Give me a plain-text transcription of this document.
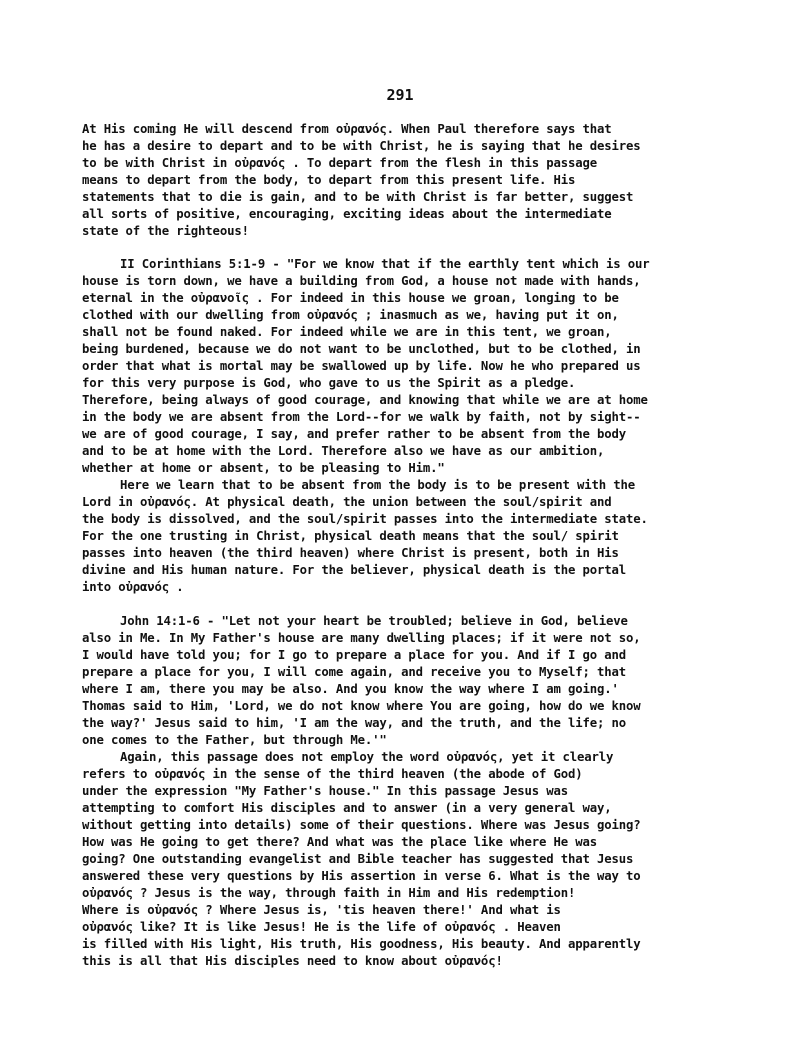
291
At His coming He will descend from οὐρανός. When Paul therefore says that
he has a desire to depart and to be with Christ, he is saying that he desires
to be with Christ in οὐρανός . To depart from the flesh in this passage
means to depart from the body, to depart from this present life. His
statements that to die is gain, and to be with Christ is far better, suggest
all sorts of positive, encouraging, exciting ideas about the intermediate
state of the righteous!
II Corinthians 5:1-9 - "For we know that if the earthly tent which is our
house is torn down, we have a building from God, a house not made with hands,
eternal in the οὐρανοῖς . For indeed in this house we groan, longing to be
clothed with our dwelling from οὐρανός ; inasmuch as we, having put it on,
shall not be found naked. For indeed while we are in this tent, we groan,
being burdened, because we do not want to be unclothed, but to be clothed, in
order that what is mortal may be swallowed up by life. Now he who prepared us
for this very purpose is God, who gave to us the Spirit as a pledge.
Therefore, being always of good courage, and knowing that while we are at home
in the body we are absent from the Lord--for we walk by faith, not by sight--
we are of good courage, I say, and prefer rather to be absent from the body
and to be at home with the Lord. Therefore also we have as our ambition,
whether at home or absent, to be pleasing to Him."
Here we learn that to be absent from the body is to be present with the
Lord in οὐρανός. At physical death, the union between the soul/spirit and
the body is dissolved, and the soul/spirit passes into the intermediate state.
For the one trusting in Christ, physical death means that the soul/ spirit
passes into heaven (the third heaven) where Christ is present, both in His
divine and His human nature. For the believer, physical death is the portal
into οὐρανός .
John 14:1-6 - "Let not your heart be troubled; believe in God, believe
also in Me. In My Father's house are many dwelling places; if it were not so,
I would have told you; for I go to prepare a place for you. And if I go and
prepare a place for you, I will come again, and receive you to Myself; that
where I am, there you may be also. And you know the way where I am going.'
Thomas said to Him, 'Lord, we do not know where You are going, how do we know
the way?' Jesus said to him, 'I am the way, and the truth, and the life; no
one comes to the Father, but through Me.'"
Again, this passage does not employ the word οὐρανός, yet it clearly
refers to οὐρανός in the sense of the third heaven (the abode of God)
under the expression "My Father's house." In this passage Jesus was
attempting to comfort His disciples and to answer (in a very general way,
without getting into details) some of their questions. Where was Jesus going?
How was He going to get there? And what was the place like where He was
going? One outstanding evangelist and Bible teacher has suggested that Jesus
answered these very questions by His assertion in verse 6. What is the way to
οὐρανός ? Jesus is the way, through faith in Him and His redemption!
Where is οὐρανός ? Where Jesus is, 'tis heaven there!' And what is
οὐρανός like? It is like Jesus! He is the life of οὐρανός . Heaven
is filled with His light, His truth, His goodness, His beauty. And apparently
this is all that His disciples need to know about οὐρανός!
